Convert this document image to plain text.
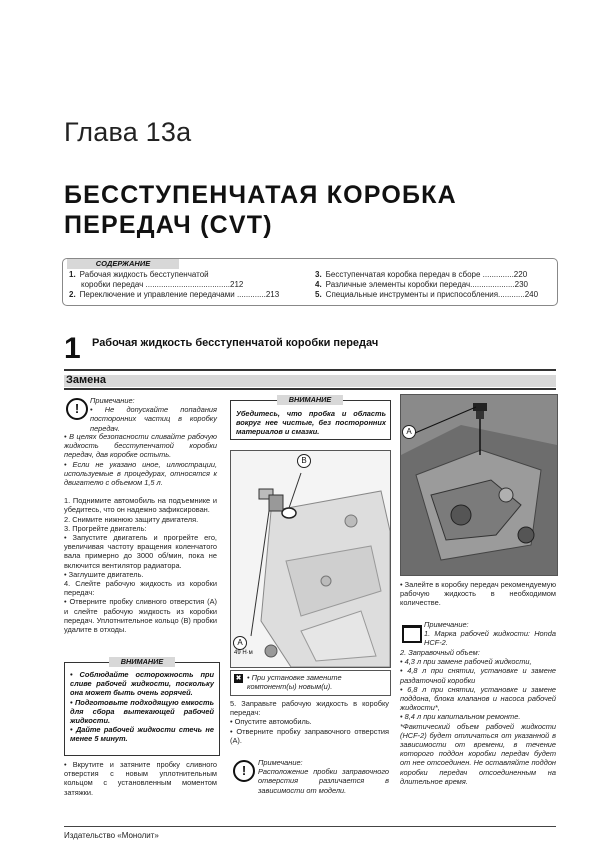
Глава 13а
БЕССТУПЕНЧАТАЯ КОРОБКА ПЕРЕДАЧ (CVT)
СОДЕРЖАНИЕ
1. Рабочая жидкость бесступенчатой
коробки передач ......................................212
2. Переключение и управление передачами .............213
3. Бесступенчатая коробка передач в сборе ..............220
4. Различные элементы коробки передач....................230
5. Специальные инструменты и приспособления............240
1 Рабочая жидкость бесступенчатой коробки передач
Замена
!

Примечание:

• Не допускайте попадания посторонних частиц в коробку передач.

• В целях безопасности сливайте рабочую жидкость бесступенчатой коробки передач, дав коробке остыть.

• Если не указано иное, иллюстрации, используемые в процедурах, относятся к двигателю с объемом 1,5 л.

1. Поднимите автомобиль на подъемнике и убедитесь, что он надежно зафиксирован.

2. Снимите нижнюю защиту двигателя.

3. Прогрейте двигатель:

• Запустите двигатель и прогрейте его, увеличивая частоту вращения коленчатого вала примерно до 3000 об/мин, пока не включится вентилятор радиатора.

• Заглушите двигатель.

4. Слейте рабочую жидкость из коробки передач:

• Отверните пробку сливного отверстия (А) и слейте рабочую жидкость из коробки передач. Уплотнительное кольцо (В) пробки удалите в отходы.

ВНИМАНИЕ

• Соблюдайте осторожность при сливе рабочей жидкости, поскольку она может быть очень горячей.

• Подготовьте подходящую емкость для сбора вытекающей рабочей жидкости.

• Дайте рабочей жидкости стечь не менее 5 минут.

• Вкрутите и затяните пробку сливного отверстия с новым уплотнительным кольцом с установленным моментом затяжки.
ВНИМАНИЕ
Убедитесь, что пробка и область вокруг нее чистые, без посторонних материалов и смазки.
B
A
49 Н·м
✖ • При установке замените компонент(ы) новым(и).

5. Заправьте рабочую жидкость в коробку передач:

• Опустите автомобиль.

• Отверните пробку заправочного отверстия (А).

!

Примечание:

Расположение пробки заправочного отверстия различается в зависимости от модели.

A
• Залейте в коробку передач рекомендуемую рабочую жидкость в необходимом количестве.

Примечание:

1. Марка рабочей жидкости: Honda HCF-2.

2. Заправочный объем:

• 4,3 л при замене рабочей жидкости,

• 4,8 л при снятии, установке и замене раздаточной коробки

• 6,8 л при снятии, установке и замене поддона, блока клапанов и насоса рабочей жидкости*,

• 8,4 л при капитальном ремонте.

*Фактический объем рабочей жидкости (HCF-2) будет отличаться от указанной в зависимости от времени, в течение которого поддон коробки передач будет от нее отсоединен. Не оставляйте поддон коробки передач отсоединенным на длительное время.

Издательство «Монолит»
